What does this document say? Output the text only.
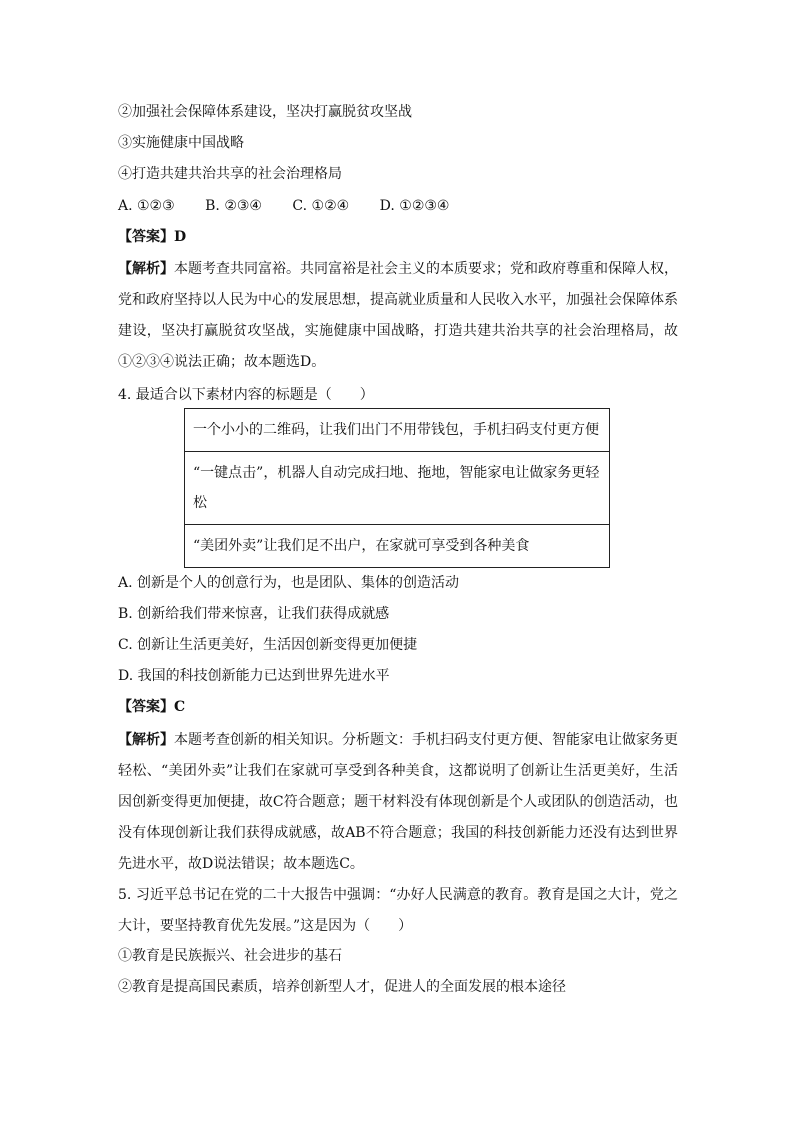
②加强社会保障体系建设，坚决打赢脱贫攻坚战
③实施健康中国战略
④打造共建共治共享的社会治理格局
A. ①②③ B. ②③④ C. ①②④ D. ①②③④
【答案】D
【解析】本题考查共同富裕。共同富裕是社会主义的本质要求；党和政府尊重和保障人权，党和政府坚持以人民为中心的发展思想，提高就业质量和人民收入水平，加强社会保障体系建设，坚决打赢脱贫攻坚战，实施健康中国战略，打造共建共治共享的社会治理格局，故①②③④说法正确；故本题选D。
4. 最适合以下素材内容的标题是（　　）
一个小小的二维码，让我们出门不用带钱包，手机扫码支付更方便
“一键点击”，机器人自动完成扫地、拖地，智能家电让做家务更轻松
“美团外卖”让我们足不出户，在家就可享受到各种美食
A. 创新是个人的创意行为，也是团队、集体的创造活动
B. 创新给我们带来惊喜，让我们获得成就感
C. 创新让生活更美好，生活因创新变得更加便捷
D. 我国的科技创新能力已达到世界先进水平
【答案】C
【解析】本题考查创新的相关知识。分析题文：手机扫码支付更方便、智能家电让做家务更轻松、“美团外卖”让我们在家就可享受到各种美食，这都说明了创新让生活更美好，生活因创新变得更加便捷，故C符合题意；题干材料没有体现创新是个人或团队的创造活动，也没有体现创新让我们获得成就感，故AB不符合题意；我国的科技创新能力还没有达到世界先进水平，故D说法错误；故本题选C。
5. 习近平总书记在党的二十大报告中强调：“办好人民满意的教育。教育是国之大计，党之大计，要坚持教育优先发展。”这是因为（　　）
①教育是民族振兴、社会进步的基石
②教育是提高国民素质，培养创新型人才，促进人的全面发展的根本途径
